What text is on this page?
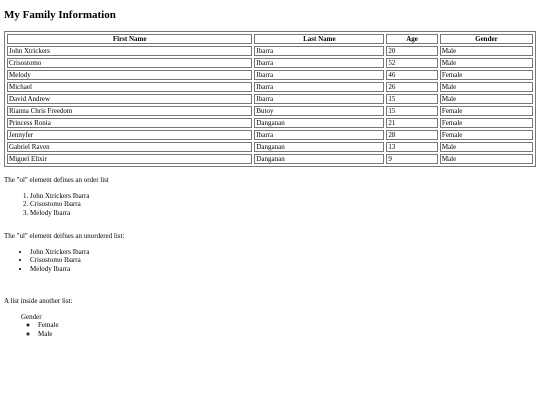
My Family Information
First Name	Last Name	Age	Gender
John Xtrickers	Ibarra	20	Male
Crisostomo	Ibarra	52	Male
Melody	Ibarra	46	Female
Michael	Ibarra	26	Male
David Andrew	Ibarra	15	Male
Rianna Chris Freedom	Butoy	15	Female
Princess Ronia	Danganan	21	Female
Jennyfer	Ibarra	28	Female
Gabriel Raven	Danganan	13	Male
Miguel Elixir	Danganan	9	Male

The "ol" element defines an order list

1. John Xtrickers Ibarra
2. Crisostomo Ibarra
3. Melody Ibarra

The "ul" element deifnes an unordered list:

• John Xtrickers Ibarra
• Crisostomo Ibarra
• Melody Ibarra

A list inside another list:

Gender
◦ Female
◦ Male
